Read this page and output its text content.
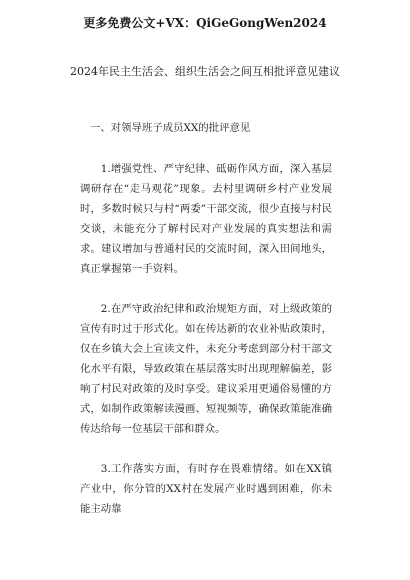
更多免费公文+VX：QiGeGongWen2024
2024年民主生活会、组织生活会之间互相批评意见建议
一、对领导班子成员XX的批评意见

1.增强党性、严守纪律、砥砺作风方面，深入基层调研存在“走马观花”现象。去村里调研乡村产业发展时，多数时候只与村“两委”干部交流，很少直接与村民交谈，未能充分了解村民对产业发展的真实想法和需求。建议增加与普通村民的交流时间，深入田间地头，真正掌握第一手资料。

2.在严守政治纪律和政治规矩方面，对上级政策的宣传有时过于形式化。如在传达新的农业补贴政策时，仅在乡镇大会上宣读文件，未充分考虑到部分村干部文化水平有限，导致政策在基层落实时出现理解偏差，影响了村民对政策的及时享受。建议采用更通俗易懂的方式，如制作政策解读漫画、短视频等，确保政策能准确传达给每一位基层干部和群众。

3.工作落实方面，有时存在畏难情绪。如在XX镇产业中，你分管的XX村在发展产业时遇到困难，你未能主动靠
